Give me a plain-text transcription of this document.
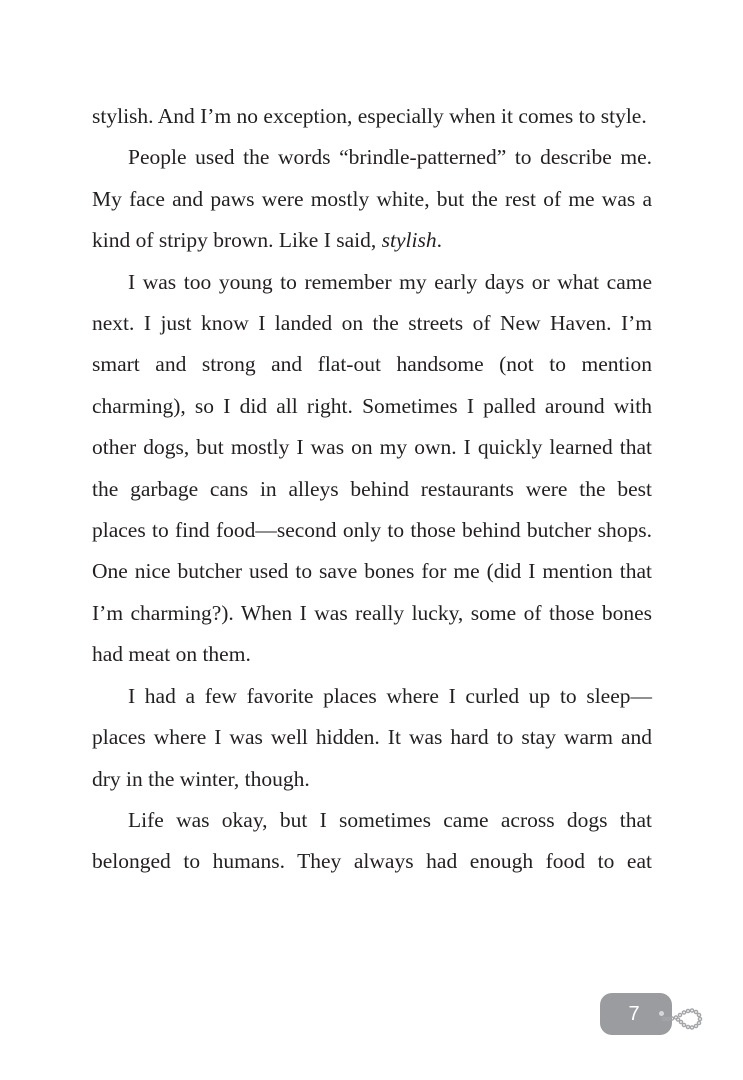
stylish. And I’m no exception, especially when it comes to style.

People used the words “brindle-patterned” to describe me. My face and paws were mostly white, but the rest of me was a kind of stripy brown. Like I said, stylish.

I was too young to remember my early days or what came next. I just know I landed on the streets of New Haven. I’m smart and strong and flat-out handsome (not to mention charming), so I did all right. Sometimes I palled around with other dogs, but mostly I was on my own. I quickly learned that the garbage cans in alleys behind restaurants were the best places to find food—second only to those behind butcher shops. One nice butcher used to save bones for me (did I mention that I’m charming?). When I was really lucky, some of those bones had meat on them.

I had a few favorite places where I curled up to sleep—places where I was well hidden. It was hard to stay warm and dry in the winter, though.

Life was okay, but I sometimes came across dogs that belonged to humans. They always had enough food to eat

7
